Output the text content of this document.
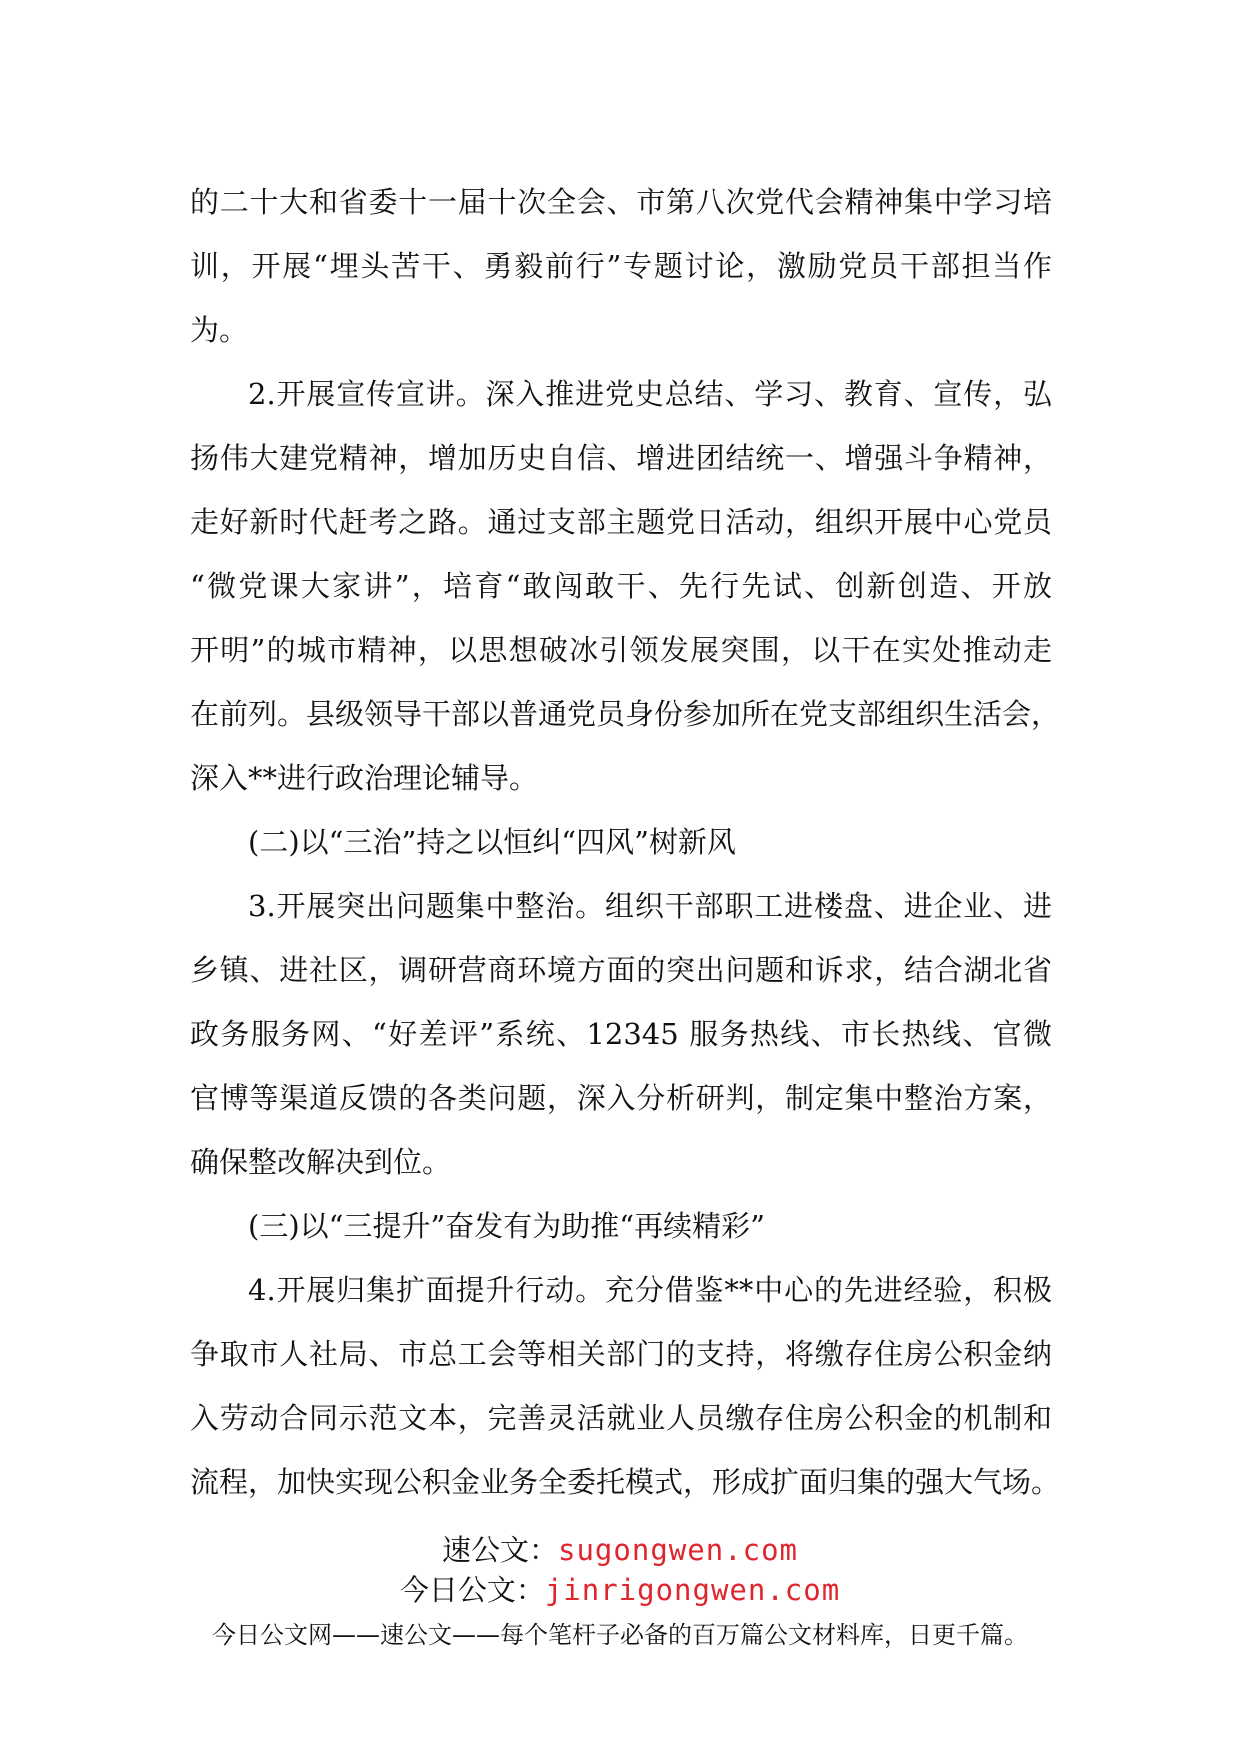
的二十大和省委十一届十次全会、市第八次党代会精神集中学习培
训，开展“埋头苦干、勇毅前行”专题讨论，激励党员干部担当作
为。
2.开展宣传宣讲。深入推进党史总结、学习、教育、宣传，弘
扬伟大建党精神，增加历史自信、增进团结统一、增强斗争精神，
走好新时代赶考之路。通过支部主题党日活动，组织开展中心党员
“微党课大家讲”，培育“敢闯敢干、先行先试、创新创造、开放
开明”的城市精神，以思想破冰引领发展突围，以干在实处推动走
在前列。县级领导干部以普通党员身份参加所在党支部组织生活会，
深入**进行政治理论辅导。
(二)以“三治”持之以恒纠“四风”树新风
3.开展突出问题集中整治。组织干部职工进楼盘、进企业、进
乡镇、进社区，调研营商环境方面的突出问题和诉求，结合湖北省
政务服务网、“好差评”系统、12345 服务热线、市长热线、官微
官博等渠道反馈的各类问题，深入分析研判，制定集中整治方案，
确保整改解决到位。
(三)以“三提升”奋发有为助推“再续精彩”
4.开展归集扩面提升行动。充分借鉴**中心的先进经验，积极
争取市人社局、市总工会等相关部门的支持，将缴存住房公积金纳
入劳动合同示范文本，完善灵活就业人员缴存住房公积金的机制和
流程，加快实现公积金业务全委托模式，形成扩面归集的强大气场。
速公文：sugongwen.com
今日公文：jinrigongwen.com
今日公文网——速公文——每个笔杆子必备的百万篇公文材料库，日更千篇。
